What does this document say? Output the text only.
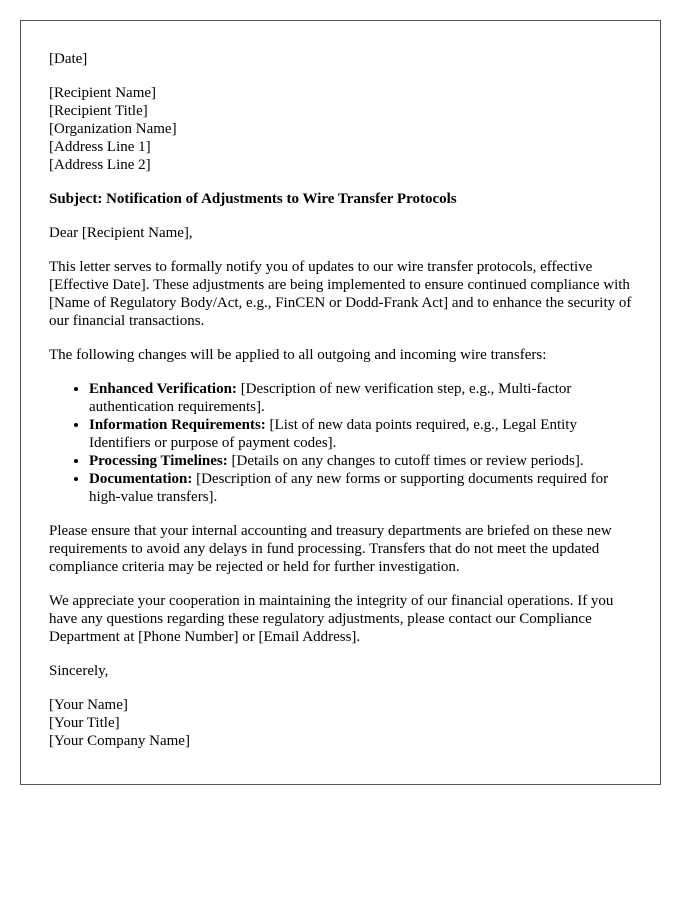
[Date]

[Recipient Name]
[Recipient Title]
[Organization Name]
[Address Line 1]
[Address Line 2]

Subject: Notification of Adjustments to Wire Transfer Protocols

Dear [Recipient Name],

This letter serves to formally notify you of updates to our wire transfer protocols, effective [Effective Date]. These adjustments are being implemented to ensure continued compliance with [Name of Regulatory Body/Act, e.g., FinCEN or Dodd-Frank Act] and to enhance the security of our financial transactions.

The following changes will be applied to all outgoing and incoming wire transfers:

• Enhanced Verification: [Description of new verification step, e.g., Multi-factor authentication requirements].
• Information Requirements: [List of new data points required, e.g., Legal Entity Identifiers or purpose of payment codes].
• Processing Timelines: [Details on any changes to cutoff times or review periods].
• Documentation: [Description of any new forms or supporting documents required for high-value transfers].

Please ensure that your internal accounting and treasury departments are briefed on these new requirements to avoid any delays in fund processing. Transfers that do not meet the updated compliance criteria may be rejected or held for further investigation.

We appreciate your cooperation in maintaining the integrity of our financial operations. If you have any questions regarding these regulatory adjustments, please contact our Compliance Department at [Phone Number] or [Email Address].

Sincerely,

[Your Name]
[Your Title]
[Your Company Name]
